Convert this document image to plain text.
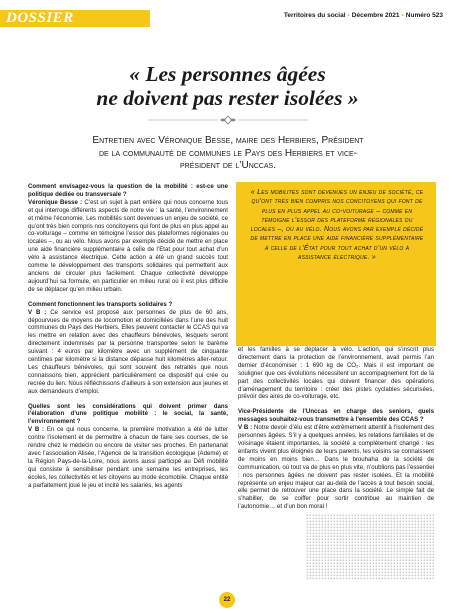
DOSSIER	Territoires du social • Décembre 2021 • Numéro 523
« Les personnes âgées
ne doivent pas rester isolées »

Entretien avec Véronique Besse, maire des Herbiers, Président de la communauté de communes le Pays des Herbiers et vice-président de l’Unccas.

Comment envisagez-vous la question de la mobilité : est-ce une politique dédiée ou transversale ?
Véronique Besse : C’est un sujet à part entière qui nous concerne tous et qui interroge différents aspects de notre vie : la santé, l’environnement et même l’économie. Les mobilités sont devenues un enjeu de société, ce qu’ont très bien compris nos concitoyens qui font de plus en plus appel au co-voiturage – comme en témoigne l’essor des plateformes régionales ou locales –, ou au vélo. Nous avons par exemple décidé de mettre en place une aide financière supplémentaire à celle de l’Etat pour tout achat d’un vélo à assistance électrique. Cette action a été un grand succès tout comme le développement des transports solidaires qui permettent aux anciens de circuler plus facilement. Chaque collectivité développe aujourd’hui sa formule, en particulier en milieu rural où il est plus difficile de se déplacer qu’en milieu urbain.

Comment fonctionnent les transports solidaires ?
V B : Ce service est proposé aux personnes de plus de 60 ans, dépourvues de moyens de locomotion et domiciliées dans l’une des huit communes du Pays des Herbiers. Elles peuvent contacter le CCAS qui va les mettre en relation avec des chauffeurs bénévoles, lesquels seront directement indemnisés par la personne transportée selon le barème suivant : 4 euros par kilomètre avec un supplément de cinquante centimes par kilomètre si la distance dépasse huit kilomètres aller-retour. Les chauffeurs bénévoles, qui sont souvent des retraités que nous connaissons bien, apprécient particulièrement ce dispositif qui crée ou recrée du lien. Nous réfléchissons d’ailleurs à son extension aux jeunes et aux demandeurs d’emploi.

Quelles sont les considérations qui doivent primer dans l’élaboration d’une politique mobilité : le social, la santé, l’environnement ?
V B : En ce qui nous concerne, la première motivation a été de lutter contre l’isolement et de permettre à chacun de faire ses courses, de se rendre chez le médecin ou encore de visiter ses proches. En partenariat avec l’association Alisée, l’Agence de la transition écologique (Ademe) et la Région Pays-de-la-Loire, nous avons aussi participé au Défi mobilité qui consiste à sensibiliser pendant une semaine les entreprises, les écoles, les collectivités et les citoyens au mode écomobile. Chaque entité a parfaitement joué le jeu et incité les salariés, les agents

« Les mobilités sont devenues un enjeu de société, ce qu’ont très bien compris nos concitoyens qui font de plus en plus appel au co-voiturage – comme en témoigne l’essor des plateforme régionales ou locales –, ou au vélo. Nous avons par exemple décidé de mettre en place une aide financière supplémentaire à celle de l’État pour tout achat d’un vélo à assistance électrique. »

et les familles à se déplacer à vélo. L’action, qui s’inscrit plus directement dans la protection de l’environnement, avait permis l’an dernier d’économiser : 1 690 kg de CO₂. Mais il est important de souligner que ces évolutions nécessitent un accompagnement fort de la part des collectivités locales qui doivent financer des opérations d’aménagement du territoire : créer des pistes cyclables sécurisées, prévoir des aires de co-voiturage, etc.

Vice-Présidente de l’Unccas en charge des seniors, quels messages souhaitez-vous transmettre à l’ensemble des CCAS ?
V B : Notre devoir d’élu est d’être extrêmement attentif à l’isolement des personnes âgées. S’il y a quelques années, les relations familiales et de voisinage étaient importantes, la société a complètement changé : les enfants vivent plus éloignés de leurs parents, les voisins se connaissent de moins en moins bien… Dans le brouhaha de la société de communication, où tout va de plus en plus vite, n’oublions pas l’essentiel : nos personnes âgées ne doivent pas rester isolées. Et la mobilité représente un enjeu majeur car au-delà de l’accès à tout besoin social, elle permet de retrouver une place dans la société. Le simple fait de s’habiller, de se coiffer pour sortir contribue au maintien de l’autonomie… et d’un bon moral !

22
